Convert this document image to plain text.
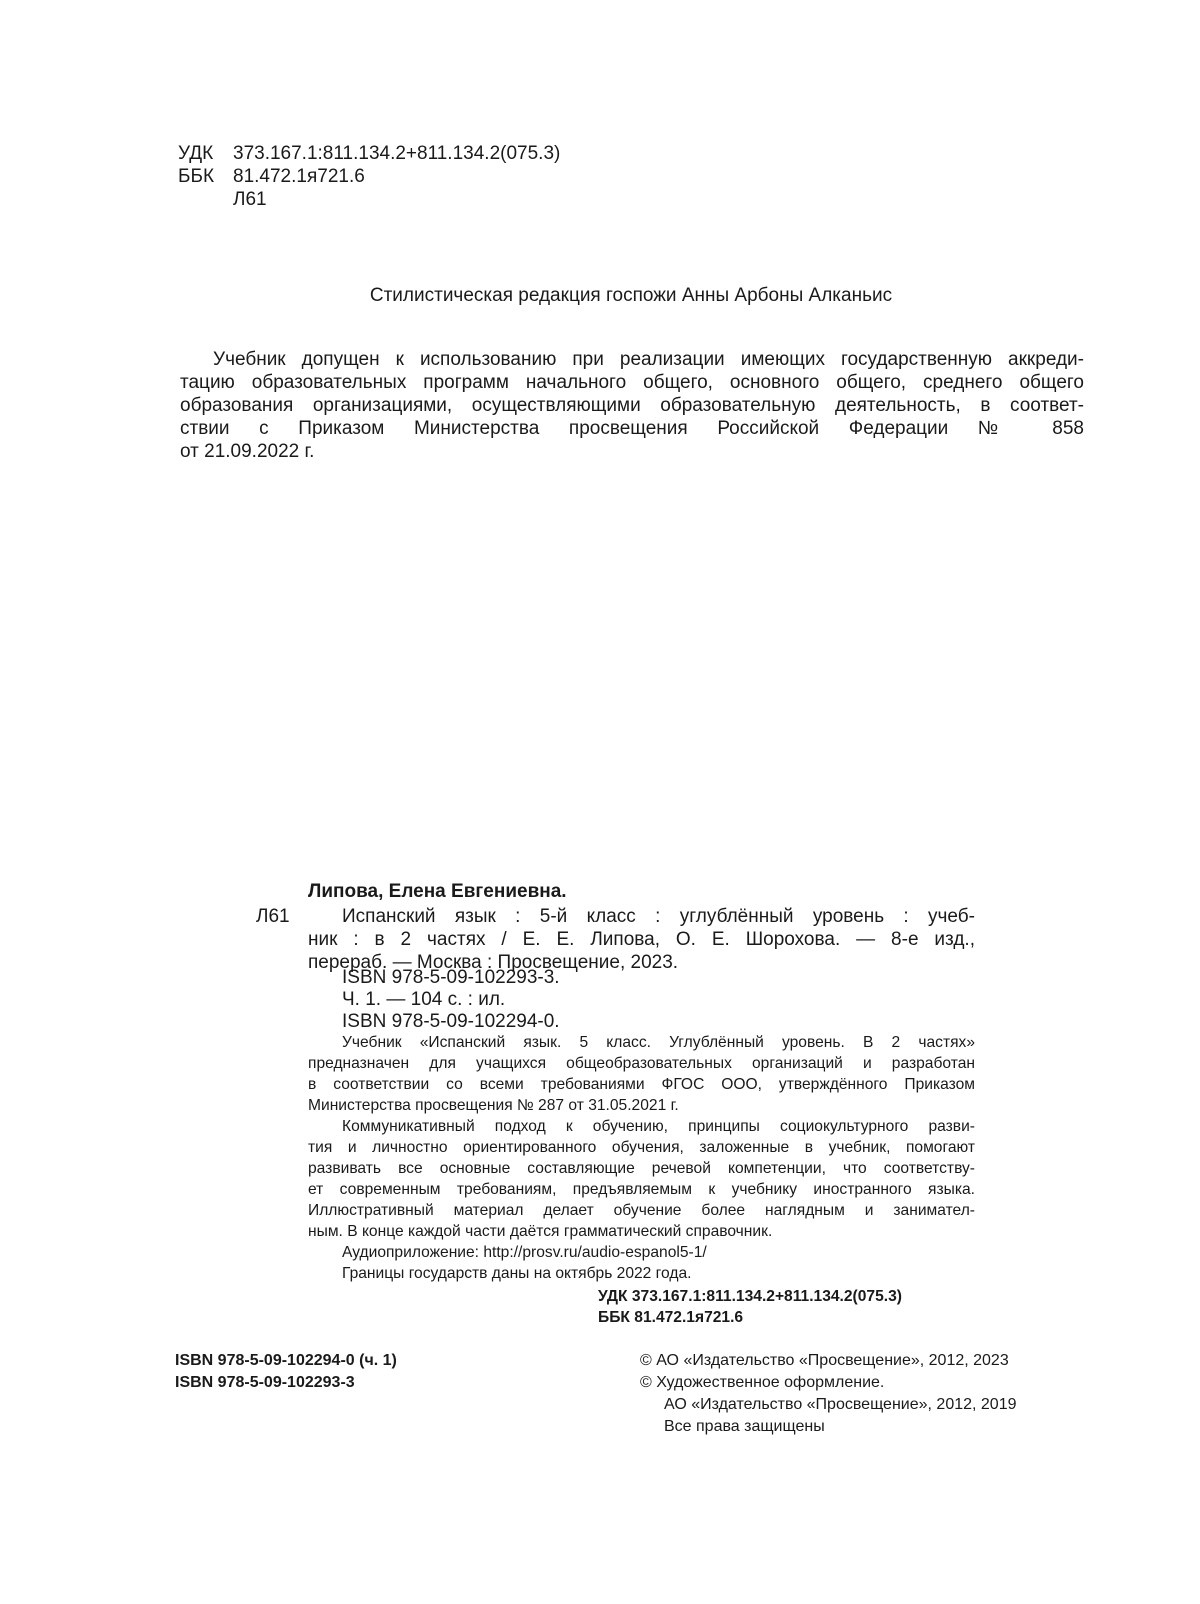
УДК 373.167.1:811.134.2+811.134.2(075.3)
ББК 81.472.1я721.6
Л61
Стилистическая редакция госпожи Анны Арбоны Алканьис
Учебник допущен к использованию при реализации имеющих государственную аккреди-
тацию образовательных программ начального общего, основного общего, среднего общего
образования организациями, осуществляющими образовательную деятельность, в соответ-
ствии с Приказом Министерства просвещения Российской Федерации № 858
от 21.09.2022 г.
Липова, Елена Евгениевна.
Л61	Испанский язык : 5-й класс : углублённый уровень : учеб-
ник : в 2 частях / Е. Е. Липова, О. Е. Шорохова. — 8-е изд.,
перераб. — Москва : Просвещение, 2023.
ISBN 978-5-09-102293-3.
Ч. 1. — 104 с. : ил.
ISBN 978-5-09-102294-0.
Учебник «Испанский язык. 5 класс. Углублённый уровень. В 2 частях»
предназначен для учащихся общеобразовательных организаций и разработан
в соответствии со всеми требованиями ФГОС ООО, утверждённого Приказом
Министерства просвещения № 287 от 31.05.2021 г.
Коммуникативный подход к обучению, принципы социокультурного разви-
тия и личностно ориентированного обучения, заложенные в учебник, помогают
развивать все основные составляющие речевой компетенции, что соответству-
ет современным требованиям, предъявляемым к учебнику иностранного языка.
Иллюстративный материал делает обучение более наглядным и занимател-
ным. В конце каждой части даётся грамматический справочник.
Аудиоприложение: http://prosv.ru/audio-espanol5-1/
Границы государств даны на октябрь 2022 года.
УДК 373.167.1:811.134.2+811.134.2(075.3)
ББК 81.472.1я721.6
ISBN 978-5-09-102294-0 (ч. 1)
ISBN 978-5-09-102293-3
© АО «Издательство «Просвещение», 2012, 2023
© Художественное оформление.
АО «Издательство «Просвещение», 2012, 2019
Все права защищены
